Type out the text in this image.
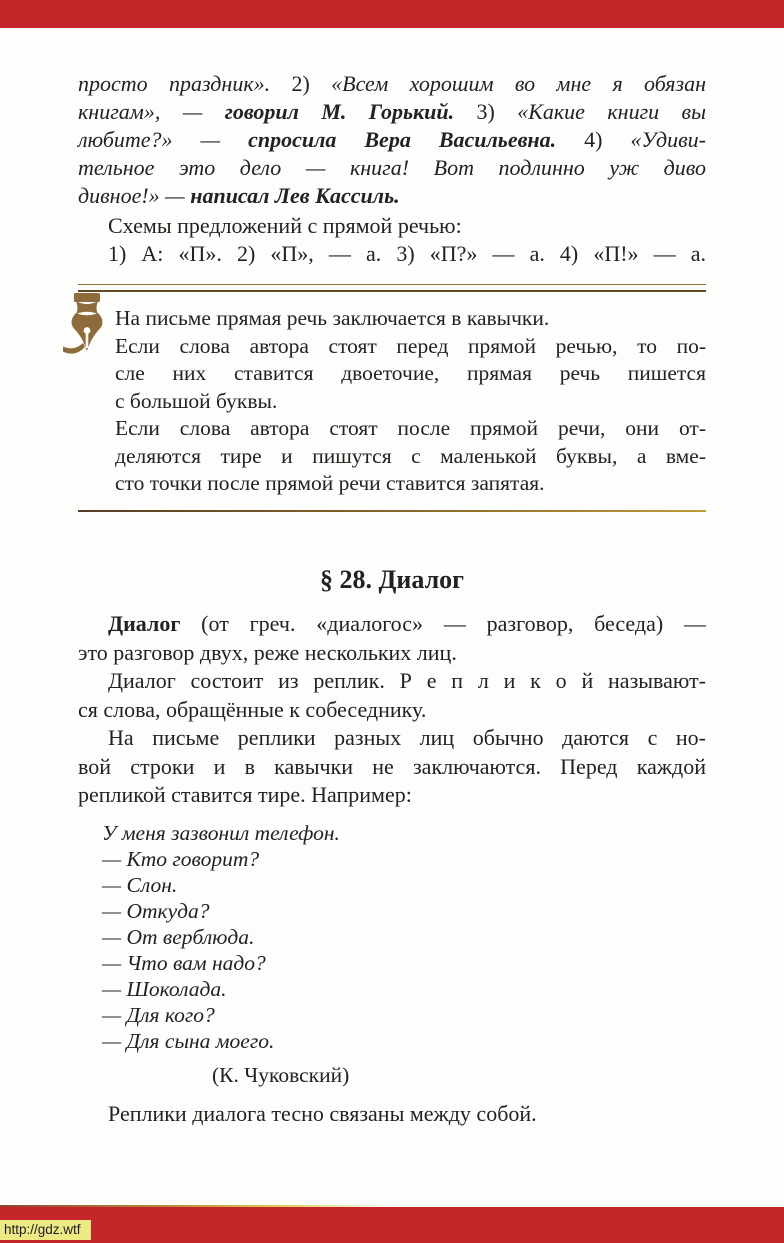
просто праздник». 2) «Всем хорошим во мне я обязан
книгам», — говорил М. Горький. 3) «Какие книги вы
любите?» — спросила Вера Васильевна. 4) «Удиви-
тельное это дело — книга! Вот подлинно уж диво
дивное!» — написал Лев Кассиль.
Схемы предложений с прямой речью:
1) А: «П». 2) «П», — а. 3) «П?» — а. 4) «П!» — а.
На письме прямая речь заключается в кавычки.
Если слова автора стоят перед прямой речью, то по-
сле них ставится двоеточие, прямая речь пишется
с большой буквы.
Если слова автора стоят после прямой речи, они от-
деляются тире и пишутся с маленькой буквы, а вме-
сто точки после прямой речи ставится запятая.
§ 28. Диалог
Диалог (от греч. «диалогос» — разговор, беседа) —
это разговор двух, реже нескольких лиц.
Диалог состоит из реплик. Р е п л и к о й называют-
ся слова, обращённые к собеседнику.
На письме реплики разных лиц обычно даются с но-
вой строки и в кавычки не заключаются. Перед каждой
репликой ставится тире. Например:
У меня зазвонил телефон.
— Кто говорит?
— Слон.
— Откуда?
— От верблюда.
— Что вам надо?
— Шоколада.
— Для кого?
— Для сына моего.
(К. Чуковский)
Реплики диалога тесно связаны между собой.
http://gdz.wtf
